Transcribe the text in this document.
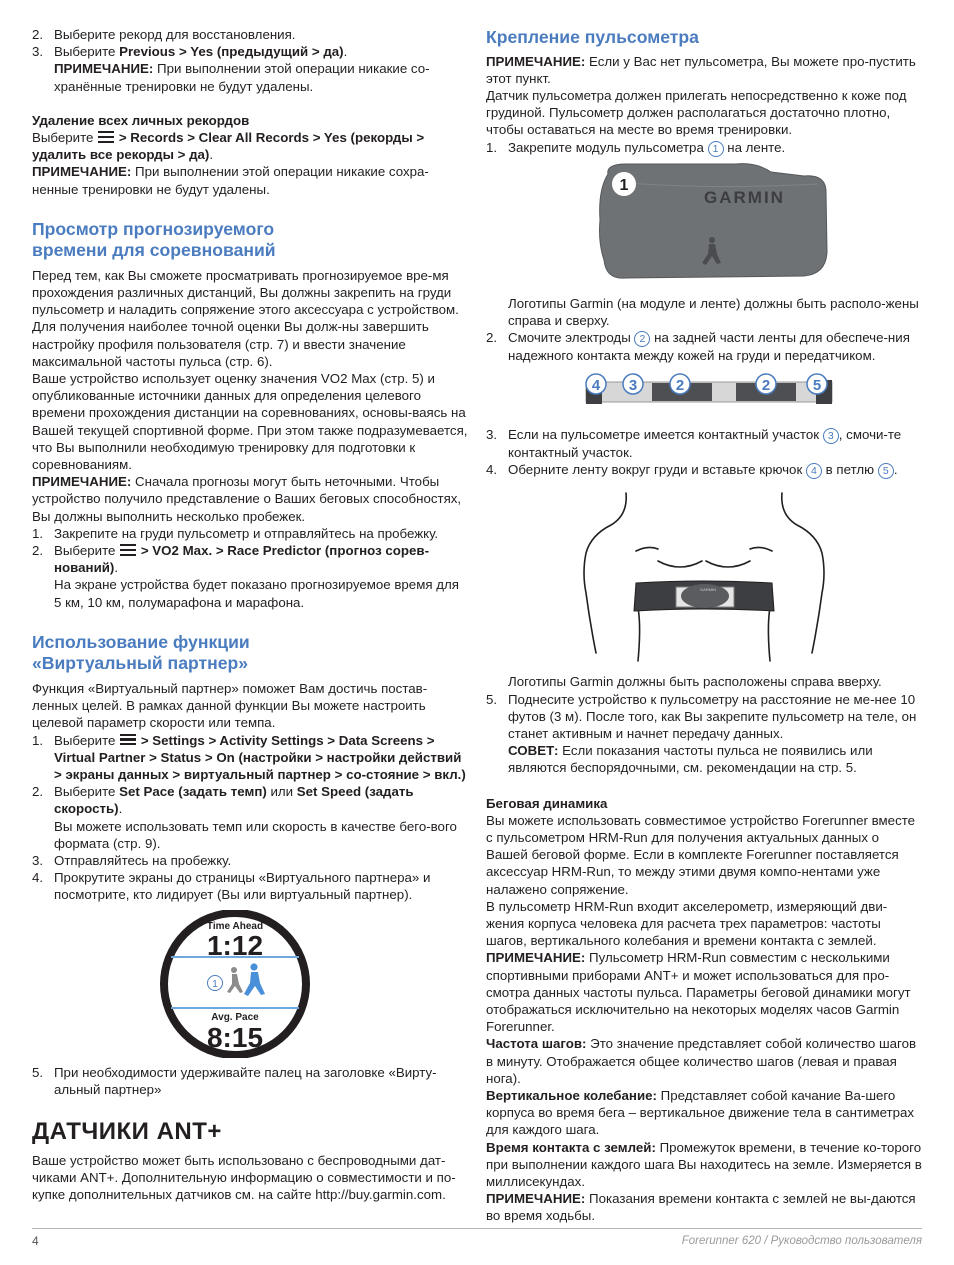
2. Выберите рекорд для восстановления.
3. Выберите Previous > Yes (предыдущий > да).
ПРИМЕЧАНИЕ: При выполнении этой операции никакие со-хранённые тренировки не будут удалены.
Удаление всех личных рекордов

Выберите
> Records > Clear All Records > Yes (рекорды > удалить все рекорды > да).

ПРИМЕЧАНИЕ: При выполнении этой операции никакие сохра-ненные тренировки не будут удалены.

Просмотр прогнозируемого
времени для соревнований

Перед тем, как Вы сможете просматривать прогнозируемое вре-мя прохождения различных дистанций, Вы должны закрепить на груди пульсометр и наладить сопряжение этого аксессуара с устройством. Для получения наиболее точной оценки Вы долж-ны завершить настройку профиля пользователя (стр. 7) и ввести значение максимальной частоты пульса (стр. 6).

Ваше устройство использует оценку значения VO2 Max (стр. 5) и опубликованные источники данных для определения целевого времени прохождения дистанции на соревнованиях, основы-ваясь на Вашей текущей спортивной форме. При этом также подразумевается, что Вы выполнили необходимую тренировку для подготовки к соревнованиям.

ПРИМЕЧАНИЕ: Сначала прогнозы могут быть неточными. Чтобы устройство получило представление о Ваших беговых способностях, Вы должны выполнить несколько пробежек.

1. Закрепите на груди пульсометр и отправляйтесь на пробежку.
2. Выберите
> VO2 Max. > Race Predictor (прогноз сорев-нований).
На экране устройства будет показано прогнозируемое время для 5 км, 10 км, полумарафона и марафона.
Использование функции
«Виртуальный партнер»

Функция «Виртуальный партнер» поможет Вам достичь постав-ленных целей. В рамках данной функции Вы можете настроить целевой параметр скорости или темпа.

1. Выберите
> Settings > Activity Settings > Data Screens > Virtual Partner > Status > On (настройки > настройки действий > экраны данных > виртуальный партнер > со-стояние > вкл.)
2. Выберите Set Pace (задать темп) или Set Speed (задать скорость).
Вы можете использовать темп или скорость в качестве бего-вого формата (стр. 9).
3. Отправляйтесь на пробежку.
4. Прокрутите экраны до страницы «Виртуального партнера» и посмотрите, кто лидирует (Вы или виртуальный партнер).
Time Ahead
1:12
Avg. Pace
8:15
1
5. При необходимости удерживайте палец на заголовке «Вирту-альный партнер»
ДАТЧИКИ ANT+

Ваше устройство может быть использовано с беспроводными дат-чиками ANT+. Дополнительную информацию о совместимости и по-купке дополнительных датчиков см. на сайте http://buy.garmin.com.

Крепление пульсометра

ПРИМЕЧАНИЕ: Если у Вас нет пульсометра, Вы можете про-пустить этот пункт.

Датчик пульсометра должен прилегать непосредственно к коже под грудиной. Пульсометр должен располагаться достаточно плотно, чтобы оставаться на месте во время тренировки.

1. Закрепите модуль пульсометра 1 на ленте.
1
GARMIN

Логотипы Garmin (на модуле и ленте) должны быть располо-жены справа и сверху.

2. Смочите электроды 2 на задней части ленты для обеспече-ния надежного контакта между кожей на груди и передатчиком.
4 3	2	2	5
3. Если на пульсометре имеется контактный участок 3 , смочи-те контактный участок.
4. Оберните ленту вокруг груди и вставьте крючок 4 в петлю 5 .
GARMIN

Логотипы Garmin должны быть расположены справа вверху.

5. Поднесите устройство к пульсометру на расстояние не ме-нее 10 футов (3 м). После того, как Вы закрепите пульсометр на теле, он станет активным и начнет передачу данных.
СОВЕТ: Если показания частоты пульса не появились или являются беспорядочными, см. рекомендации на стр. 5.
Беговая динамика

Вы можете использовать совместимое устройство Forerunner вместе с пульсометром HRM-Run для получения актуальных данных о Вашей беговой форме. Если в комплекте Forerunner поставляется аксессуар HRM-Run, то между этими двумя компо-нентами уже налажено сопряжение.

В пульсометр HRM-Run входит акселерометр, измеряющий дви-жения корпуса человека для расчета трех параметров: частоты шагов, вертикального колебания и времени контакта с землей.

ПРИМЕЧАНИЕ: Пульсометр HRM-Run совместим с несколькими спортивными приборами ANT+ и может использоваться для про-смотра данных частоты пульса. Параметры беговой динамики могут отображаться исключительно на некоторых моделях часов Garmin Forerunner.

Частота шагов: Это значение представляет собой количество шагов в минуту. Отображается общее количество шагов (левая и правая нога).

Вертикальное колебание: Представляет собой качание Ва-шего корпуса во время бега – вертикальное движение тела в сантиметрах для каждого шага.

Время контакта с землей: Промежуток времени, в течение ко-торого при выполнении каждого шага Вы находитесь на земле. Измеряется в миллисекундах.

ПРИМЕЧАНИЕ: Показания времени контакта с землей не вы-даются во время ходьбы.

4	Forerunner 620 / Руководство пользователя
